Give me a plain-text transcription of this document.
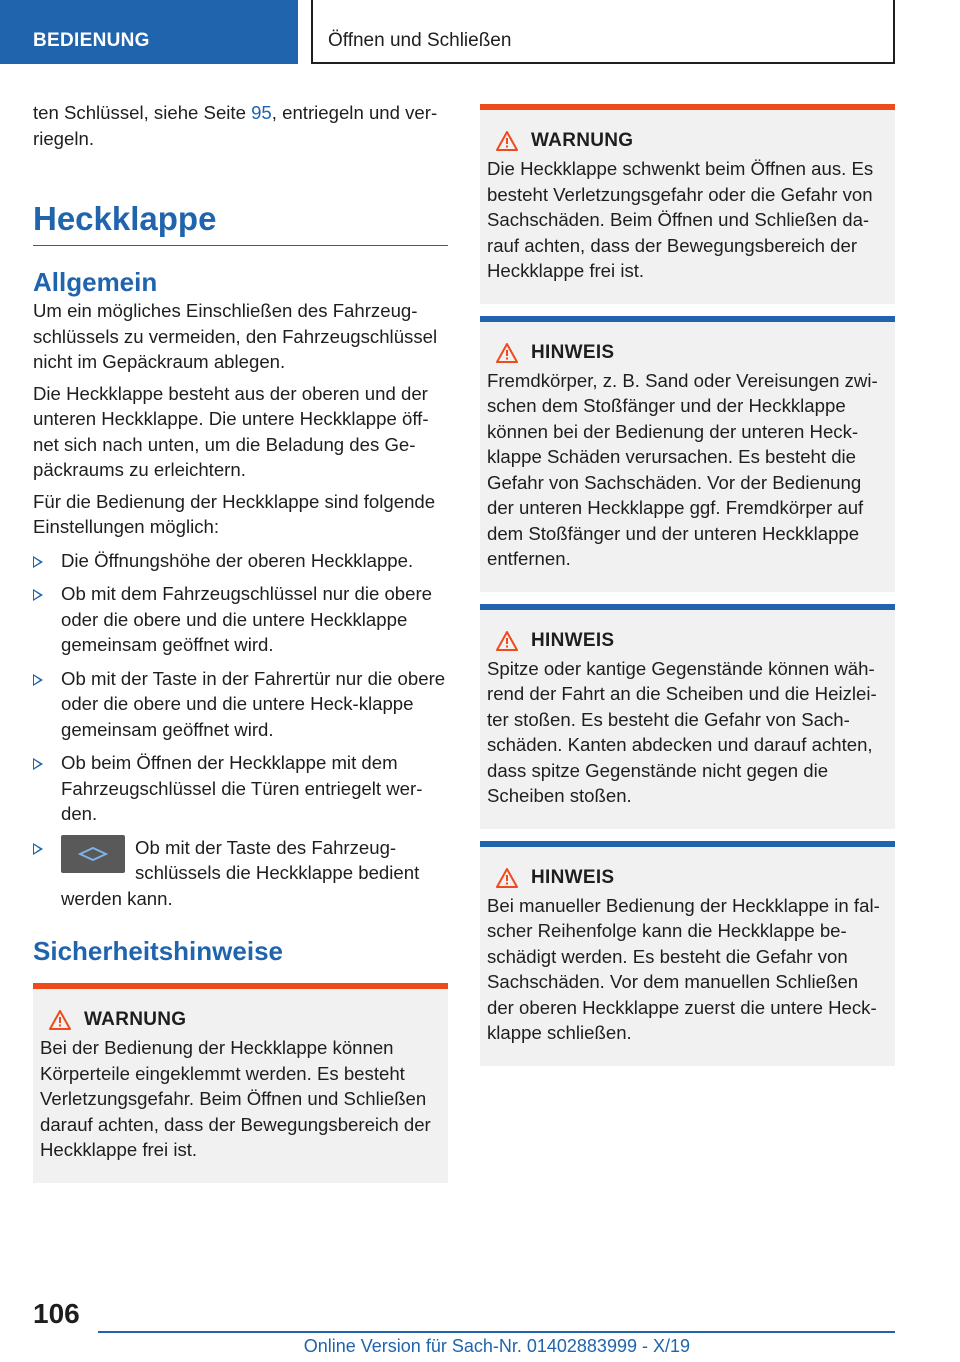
BEDIENUNG	Öffnen und Schließen

ten Schlüssel, siehe Seite 95, entriegeln und ver-riegeln.

Heckklappe
Allgemein

Um ein mögliches Einschließen des Fahrzeug-schlüssels zu vermeiden, den Fahrzeugschlüssel nicht im Gepäckraum ablegen.

Die Heckklappe besteht aus der oberen und der unteren Heckklappe. Die untere Heckklappe öff-net sich nach unten, um die Beladung des Ge-päckraums zu erleichtern.

Für die Bedienung der Heckklappe sind folgende Einstellungen möglich:

Die Öffnungshöhe der oberen Heckklappe.
Ob mit dem Fahrzeugschlüssel nur die obere oder die obere und die untere Heckklappe gemeinsam geöffnet wird.
Ob mit der Taste in der Fahrertür nur die obere oder die obere und die untere Heck-klappe gemeinsam geöffnet wird.
Ob beim Öffnen der Heckklappe mit dem Fahrzeugschlüssel die Türen entriegelt wer-den.
Ob mit der Taste des Fahrzeug-schlüssels die Heckklappe bedient werden kann.
Sicherheitshinweise
WARNUNG

Bei der Bedienung der Heckklappe können Körperteile eingeklemmt werden. Es besteht Verletzungsgefahr. Beim Öffnen und Schließen darauf achten, dass der Bewegungsbereich der Heckklappe frei ist.

WARNUNG

Die Heckklappe schwenkt beim Öffnen aus. Es besteht Verletzungsgefahr oder die Gefahr von Sachschäden. Beim Öffnen und Schließen da-rauf achten, dass der Bewegungsbereich der Heckklappe frei ist.

HINWEIS

Fremdkörper, z. B. Sand oder Vereisungen zwi-schen dem Stoßfänger und der Heckklappe können bei der Bedienung der unteren Heck-klappe Schäden verursachen. Es besteht die Gefahr von Sachschäden. Vor der Bedienung der unteren Heckklappe ggf. Fremdkörper auf dem Stoßfänger und der unteren Heckklappe entfernen.

HINWEIS

Spitze oder kantige Gegenstände können wäh-rend der Fahrt an die Scheiben und die Heizlei-ter stoßen. Es besteht die Gefahr von Sach-schäden. Kanten abdecken und darauf achten, dass spitze Gegenstände nicht gegen die Scheiben stoßen.

HINWEIS

Bei manueller Bedienung der Heckklappe in fal-scher Reihenfolge kann die Heckklappe be-schädigt werden. Es besteht die Gefahr von Sachschäden. Vor dem manuellen Schließen der oberen Heckklappe zuerst die untere Heck-klappe schließen.

106
Online Version für Sach-Nr. 01402883999 - X/19
